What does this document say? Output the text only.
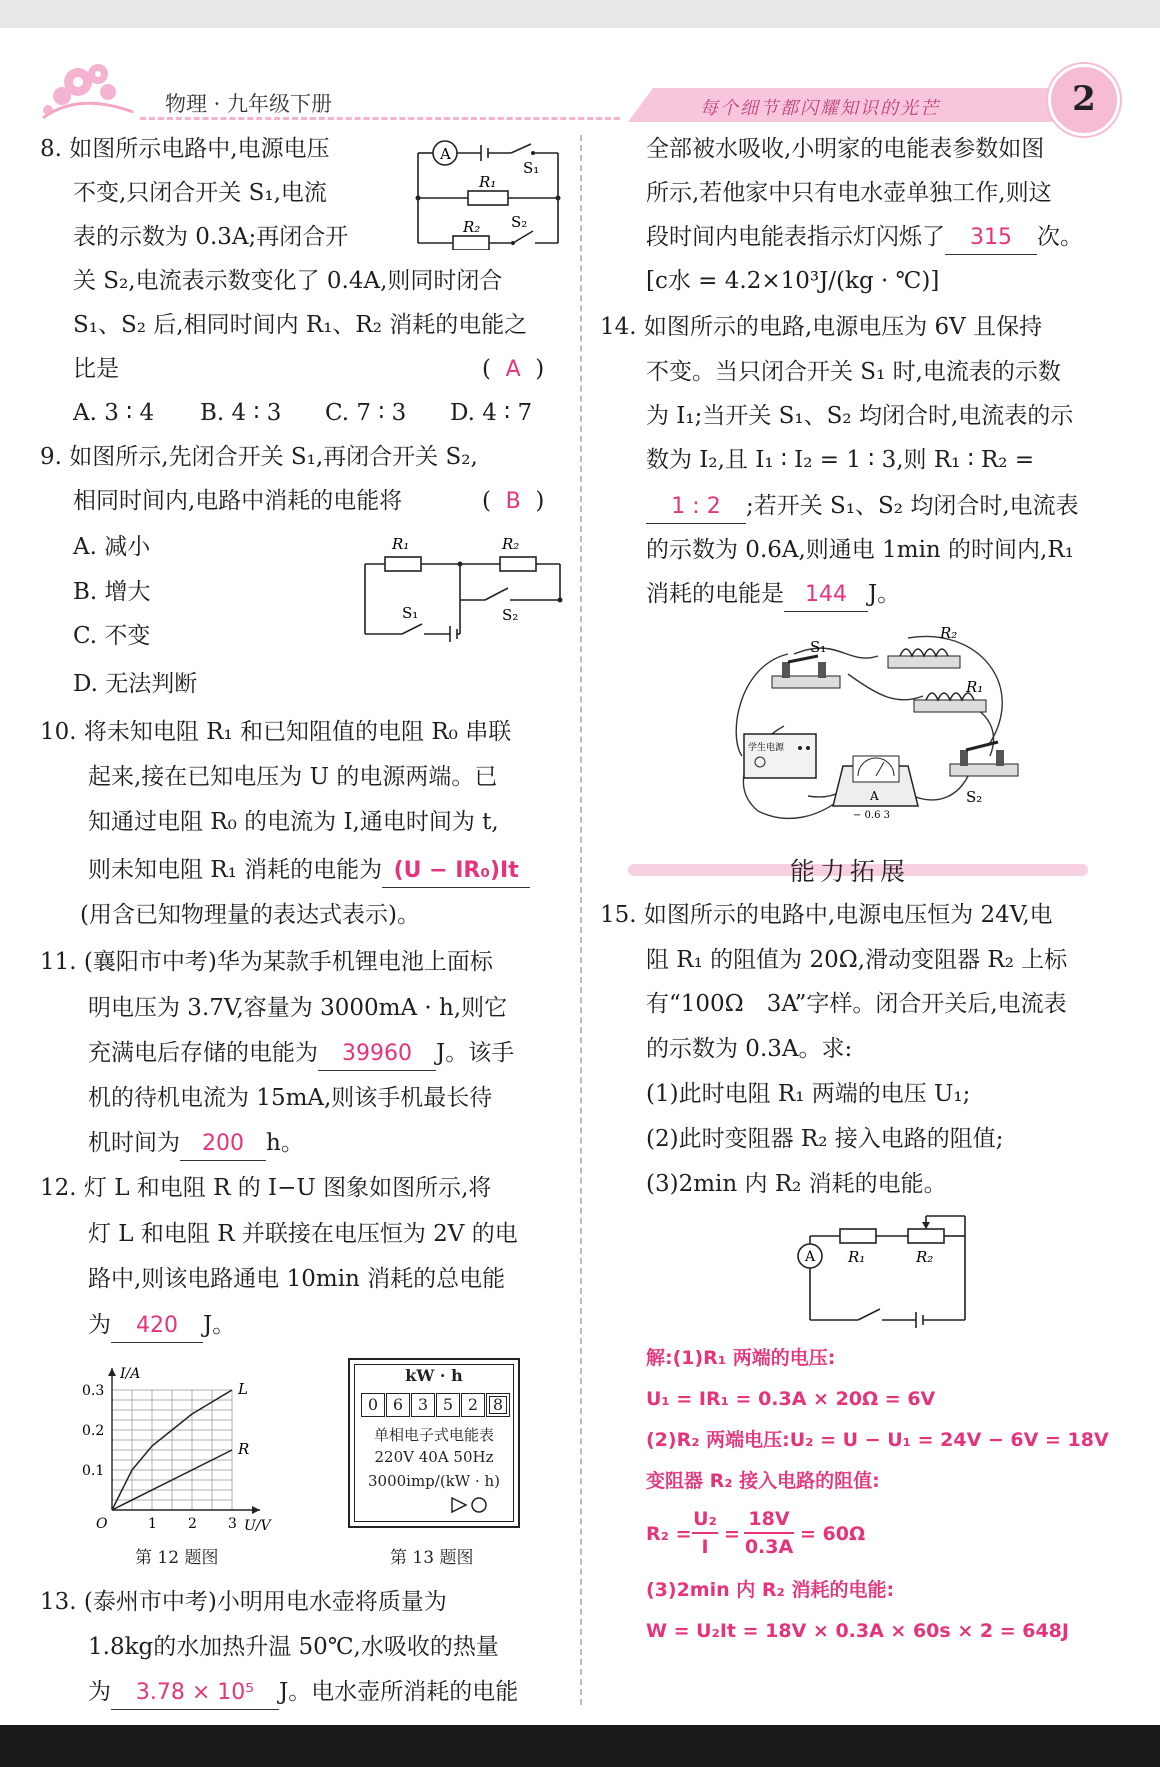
物理 · 九年级下册	每个细节都闪耀知识的光芒	2
8. 如图所示电路中,电源电压
不变,只闭合开关 S₁,电流
表的示数为 0.3A;再闭合开
关 S₂,电流表示数变化了 0.4A,则同时闭合
S₁、S₂ 后,相同时间内 R₁、R₂ 消耗的电能之
比是	(  A  )
A. 3 ∶ 4 B. 4 ∶ 3 C. 7 ∶ 3 D. 4 ∶ 7
A
R₁
S₁
R₂ S₂
9. 如图所示,先闭合开关 S₁,再闭合开关 S₂,
相同时间内,电路中消耗的电能将	(  B  )
A. 减小
B. 增大
C. 不变
D. 无法判断
R₁	R₂
S₁	S₂
10. 将未知电阻 R₁ 和已知阻值的电阻 R₀ 串联
起来,接在已知电压为 U 的电源两端。已
知通过电阻 R₀ 的电流为 I,通电时间为 t,
则未知电阻 R₁ 消耗的电能为 (U − IR₀)It
(用含已知物理量的表达式表示)。
11. (襄阳市中考)华为某款手机锂电池上面标
明电压为 3.7V,容量为 3000mA · h,则它
充满电后存储的电能为 39960 J。该手
机的待机电流为 15mA,则该手机最长待
机时间为 200 h。
12. 灯 L 和电阻 R 的 I−U 图象如图所示,将
灯 L 和电阻 R 并联接在电压恒为 2V 的电
路中,则该电路通电 10min 消耗的总电能
为 420 J。
L
R
1 2 3
0.1
0.2
0.3
O	U/V
I/A
第 12 题图
kW · h
0 6 3 5 2 8
单相电子式电能表
220V 40A 50Hz
3000imp/(kW · h)
第 13 题图
13. (泰州市中考)小明用电水壶将质量为
1.8kg的水加热升温 50℃,水吸收的热量
为 3.78 × 10⁵ J。电水壶所消耗的电能
全部被水吸收,小明家的电能表参数如图
所示,若他家中只有电水壶单独工作,则这
段时间内电能表指示灯闪烁了 315 次。
[c水 = 4.2×10³J/(kg · ℃)]
14. 如图所示的电路,电源电压为 6V 且保持
不变。当只闭合开关 S₁ 时,电流表的示数
为 I₁;当开关 S₁、S₂ 均闭合时,电流表的示
数为 I₂,且 I₁ ∶ I₂ = 1 ∶ 3,则 R₁ ∶ R₂ =
1 : 2 ;若开关 S₁、S₂ 均闭合时,电流表
的示数为 0.6A,则通电 1min 的时间内,R₁
消耗的电能是 144 J。
S₁
R₂
R₁
学生电源
A
− 0.6 3
S₂
能力拓展
15. 如图所示的电路中,电源电压恒为 24V,电
阻 R₁ 的阻值为 20Ω,滑动变阻器 R₂ 上标
有“100Ω　3A”字样。闭合开关后,电流表
的示数为 0.3A。求:
(1)此时电阻 R₁ 两端的电压 U₁;
(2)此时变阻器 R₂ 接入电路的阻值;
(3)2min 内 R₂ 消耗的电能。
A R₁	R₂
解:(1)R₁ 两端的电压:
U₁ = IR₁ = 0.3A × 20Ω = 6V
(2)R₂ 两端电压:U₂ = U − U₁ = 24V − 6V = 18V
变阻器 R₂ 接入电路的阻值:
R₂ =
U₂
I
=
18V
0.3A
= 60Ω
(3)2min 内 R₂ 消耗的电能:
W = U₂It = 18V × 0.3A × 60s × 2 = 648J
